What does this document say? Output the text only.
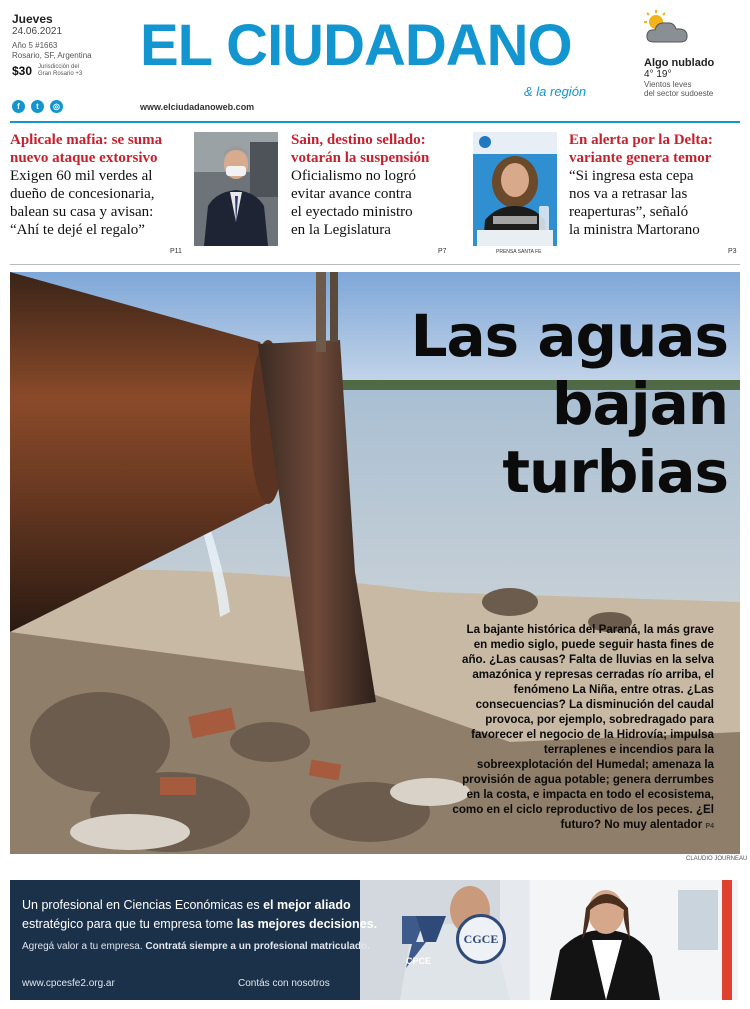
Jueves
24.06.2021
Año 5 #1663
Rosario, SF, Argentina
$30 Jurisdicción del Gran Rosario +3 EL CIUDADANO
& la región
Algo nublado
4° 19°
Vientos leves
del sector sudoeste
f	t	◎	www.elciudadanoweb.com
Aplicale mafia: se suma
nuevo ataque extorsivo
Exigen 60 mil verdes al
dueño de concesionaria,
balean su casa y avisan:
“Ahí te dejé el regalo”
P11
Sain, destino sellado:
votarán la suspensión
Oficialismo no logró
evitar avance contra
el eyectado ministro
en la Legislatura
P7	PRENSA SANTA FE
En alerta por la Delta:
variante genera temor
“Si ingresa esta cepa
nos va a retrasar las
reaperturas”, señaló
la ministra Martorano
P3
Las aguas
bajan
turbias
La bajante histórica del Paraná, la más grave en medio siglo, puede seguir hasta fines de año. ¿Las causas? Falta de lluvias en la selva amazónica y represas cerradas río arriba, el fenómeno La Niña, entre otras. ¿Las consecuencias? La disminución del caudal provoca, por ejemplo, sobredragado para favorecer el negocio de la Hidrovía; impulsa terraplenes e incendios para la sobreexplotación del Humedal; amenaza la provisión de agua potable; genera derrumbes en la costa, e impacta en todo el ecosistema, como en el ciclo reproductivo de los peces. ¿El futuro? No muy alentador P4
CLAUDIO JOURNEAU
CPCE
CGCE
Un profesional en Ciencias Económicas es el mejor aliado
estratégico para que tu empresa tome las mejores decisiones.
Agregá valor a tu empresa. Contratá siempre a un profesional matriculado.
www.cpcesfe2.org.ar	Contás con nosotros
